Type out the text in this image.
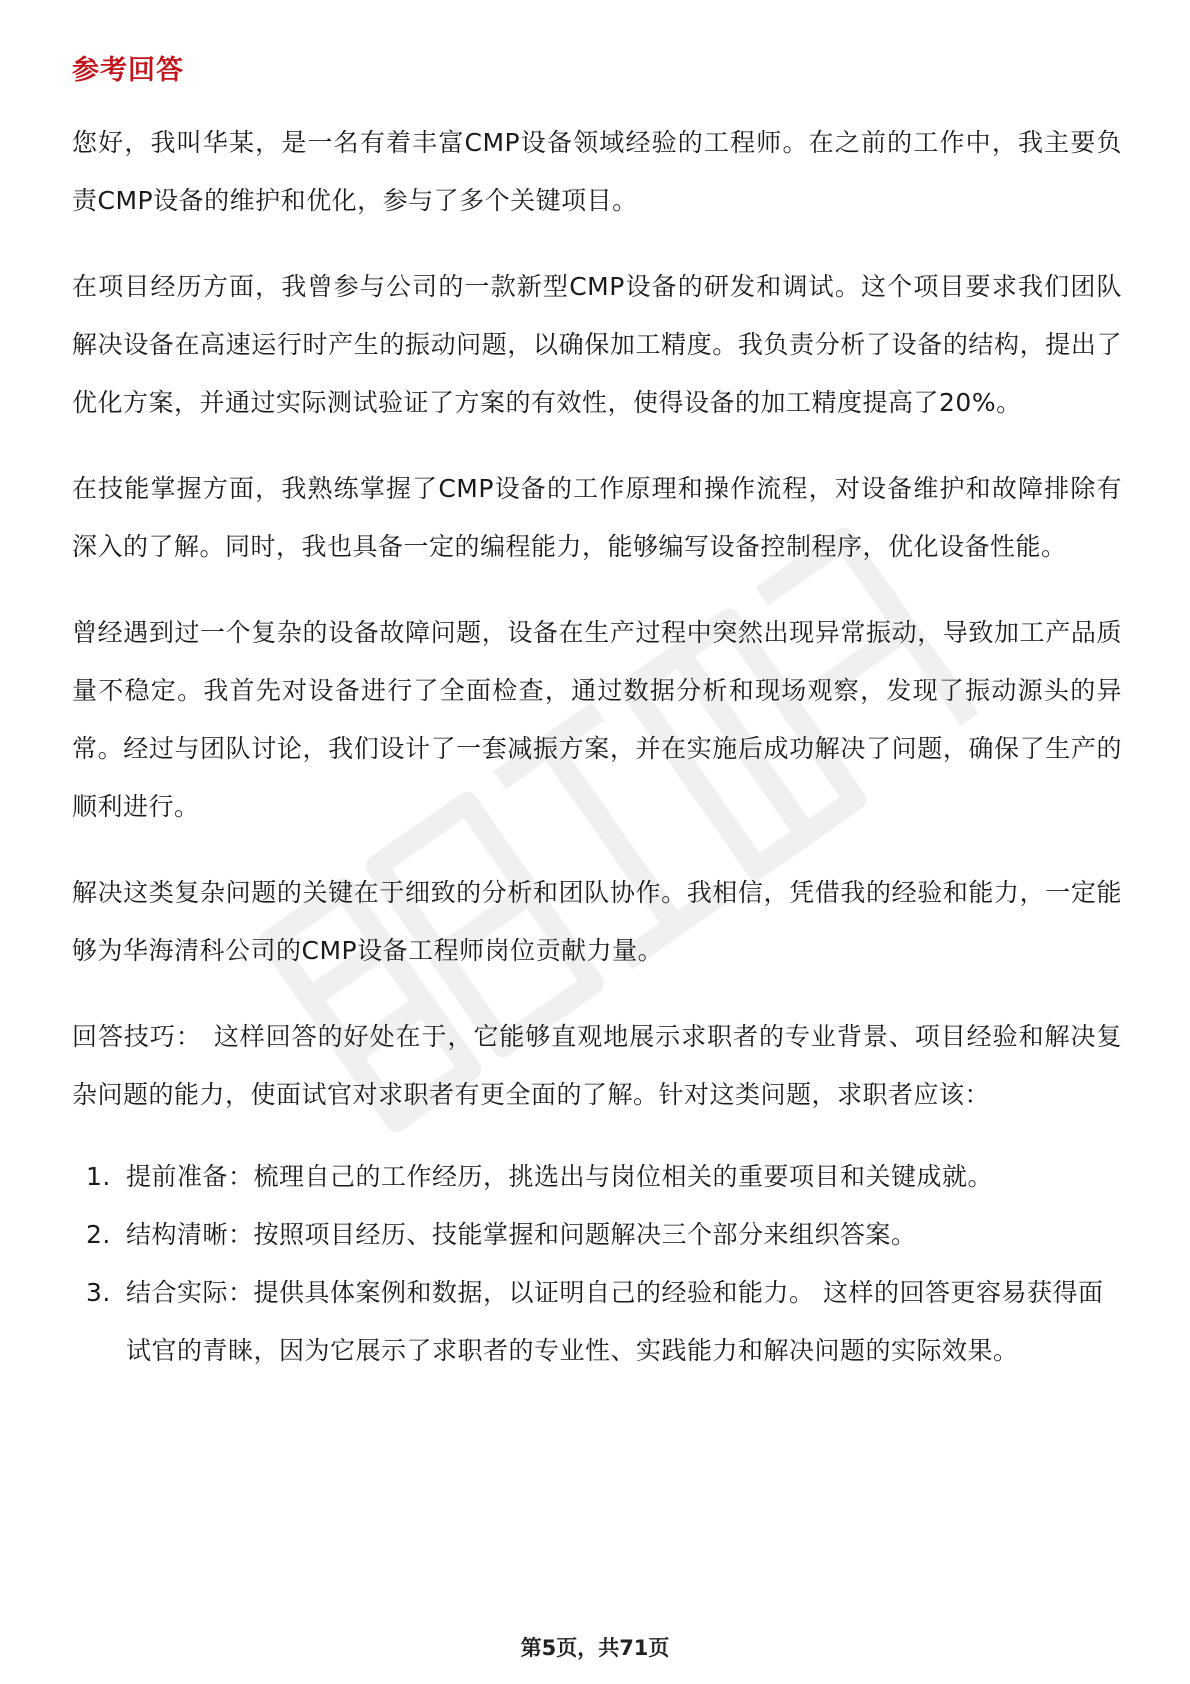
参考回答

您好，我叫华某，是一名有着丰富CMP设备领域经验的工程师。在之前的工作中，我主要负责CMP设备的维护和优化，参与了多个关键项目。

在项目经历方面，我曾参与公司的一款新型CMP设备的研发和调试。这个项目要求我们团队解决设备在高速运行时产生的振动问题，以确保加工精度。我负责分析了设备的结构，提出了优化方案，并通过实际测试验证了方案的有效性，使得设备的加工精度提高了20%。

在技能掌握方面，我熟练掌握了CMP设备的工作原理和操作流程，对设备维护和故障排除有深入的了解。同时，我也具备一定的编程能力，能够编写设备控制程序，优化设备性能。

曾经遇到过一个复杂的设备故障问题，设备在生产过程中突然出现异常振动，导致加工产品质量不稳定。我首先对设备进行了全面检查，通过数据分析和现场观察，发现了振动源头的异常。经过与团队讨论，我们设计了一套减振方案，并在实施后成功解决了问题，确保了生产的顺利进行。

解决这类复杂问题的关键在于细致的分析和团队协作。我相信，凭借我的经验和能力，一定能够为华海清科公司的CMP设备工程师岗位贡献力量。

回答技巧： 这样回答的好处在于，它能够直观地展示求职者的专业背景、项目经验和解决复杂问题的能力，使面试官对求职者有更全面的了解。针对这类问题，求职者应该：

1. 提前准备：梳理自己的工作经历，挑选出与岗位相关的重要项目和关键成就。
2. 结构清晰：按照项目经历、技能掌握和问题解决三个部分来组织答案。
3. 结合实际：提供具体案例和数据，以证明自己的经验和能力。 这样的回答更容易获得面试官的青睐，因为它展示了求职者的专业性、实践能力和解决问题的实际效果。
第5页，共71页
